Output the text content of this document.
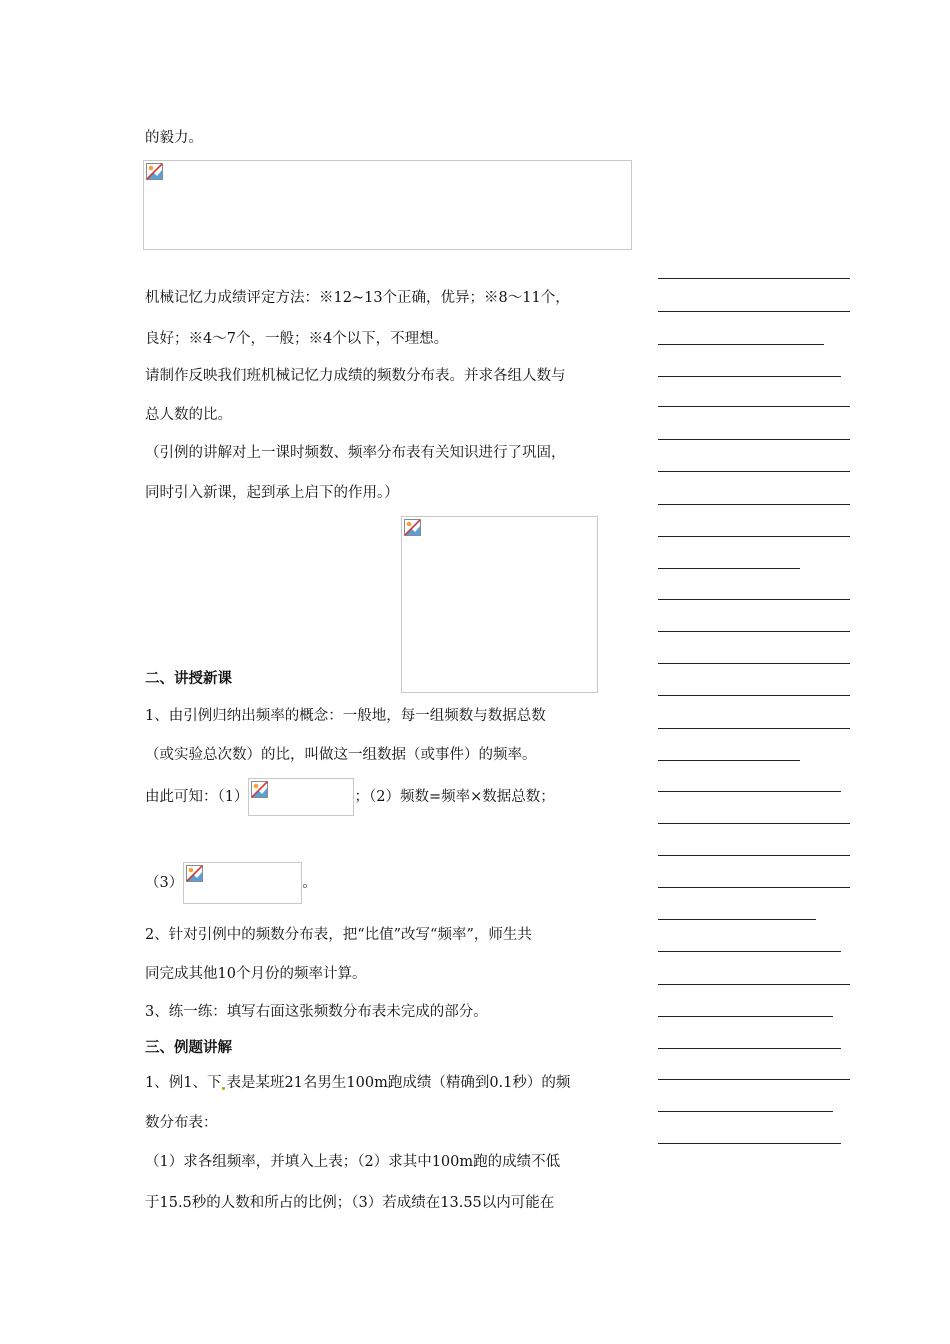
的毅力。
机械记忆力成绩评定方法：※12~13个正确，优异；※8～11个，
良好；※4～7个，一般；※4个以下，不理想。
请制作反映我们班机械记忆力成绩的频数分布表。并求各组人数与
总人数的比。
（引例的讲解对上一课时频数、频率分布表有关知识进行了巩固，
同时引入新课，起到承上启下的作用。）
二、讲授新课
1、由引例归纳出频率的概念：一般地，每一组频数与数据总数
（或实验总次数）的比，叫做这一组数据（或事件）的频率。
由此可知：（1）	；（2）频数=频率×数据总数；
（3）	。
2、针对引例中的频数分布表，把“比值”改写“频率”，师生共
同完成其他10个月份的频率计算。
3、练一练：填写右面这张频数分布表未完成的部分。
三、例题讲解
1、例1、下 表是某班21名男生100m跑成绩（精确到0.1秒）的频
数分布表：
（1）求各组频率，并填入上表；（2）求其中100m跑的成绩不低
于15.5秒的人数和所占的比例；（3）若成绩在13.55以内可能在
